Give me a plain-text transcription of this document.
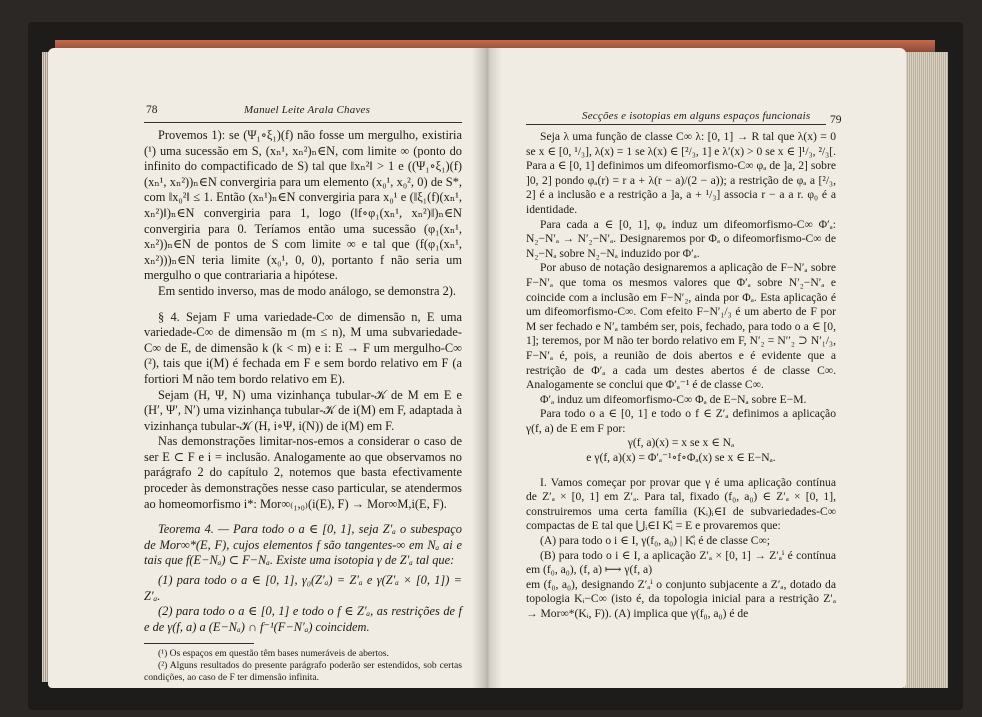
78	Manuel Leite Arala Chaves

Provemos 1): se (Ψ₁∘ξ₁)(f) não fosse um mergulho, existiria (¹) uma sucessão em S, (xₙ¹, xₙ²)ₙ∈N, com limite ∞ (ponto do infinito do compactificado de S) tal que ‖xₙ²‖ > 1 e ((Ψ₁∘ξ₁)(f)(xₙ¹, xₙ²))ₙ∈N convergiria para um elemento (x₀¹, x₀², 0) de S*, com ‖x₀²‖ ≤ 1. Então (xₙ¹)ₙ∈N convergiria para x₀¹ e (‖ξ₁(f)(xₙ¹, xₙ²)‖)ₙ∈N convergiria para 1, logo (‖f∘φ₁(xₙ¹, xₙ²)‖)ₙ∈N convergiria para 0. Teríamos então uma sucessão (φ₁(xₙ¹, xₙ²))ₙ∈N de pontos de S com limite ∞ e tal que (f(φ₁(xₙ¹, xₙ²)))ₙ∈N teria limite (x₀¹, 0, 0), portanto f não seria um mergulho o que contrariaria a hipótese.

Em sentido inverso, mas de modo análogo, se demonstra 2).

§ 4. Sejam F uma variedade-C∞ de dimensão n, E uma variedade-C∞ de dimensão m (m ≤ n), M uma subvariedade-C∞ de E, de dimensão k (k < m) e i: E → F um mergulho-C∞ (²), tais que i(M) é fechada em F e sem bordo relativo em F (a fortiori M não tem bordo relativo em E).

Sejam (H, Ψ, N) uma vizinhança tubular-𝒦 de M em E e (H′, Ψ′, N′) uma vizinhança tubular-𝒦 de i(M) em F, adaptada à vizinhança tubular-𝒦 (H, i∘Ψ, i(N)) de i(M) em F.

Nas demonstrações limitar-nos-emos a considerar o caso de ser E ⊂ F e i = inclusão. Analogamente ao que observamos no parágrafo 2 do capítulo 2, notemos que basta efectivamente proceder às demonstrações nesse caso particular, se atendermos ao homeomorfismo i*: Mor∞₍₁,₀₎(i(E), F) → Mor∞M,i(E, F).

Teorema 4. — Para todo o a ∈ [0, 1], seja Z′ₐ o subespaço de Mor∞*(E, F), cujos elementos f são tangentes-∞ em Nₐ ai e tais que f(E−Nₐ) ⊂ F−Nₐ. Existe uma isotopia γ de Z′ₐ tal que:

(1) para todo o a ∈ [0, 1], γ₀(Z′ₐ) = Z′ₐ e γ(Z′ₐ × [0, 1]) = Z′ₐ.

(2) para todo o a ∈ [0, 1] e todo o f ∈ Z′ₐ, as restrições de f e de γ(f, a) a (E−Nₐ) ∩ f⁻¹(F−N′ₐ) coincidem.

(¹) Os espaços em questão têm bases numeráveis de abertos.

(²) Alguns resultados do presente parágrafo poderão ser estendidos, sob certas condições, ao caso de F ter dimensão infinita.

Secções e isotopias em alguns espaços funcionais 79

Seja λ uma função de classe C∞ λ: [0, 1] → R tal que λ(x) = 0 se x ∈ [0, ¹/₃], λ(x) = 1 se λ(x) ∈ [²/₃, 1] e λ′(x) > 0 se x ∈ ]¹/₃, ²/₃[. Para a ∈ [0, 1] definimos um difeomorfismo-C∞ φₐ de ]a, 2] sobre ]0, 2] pondo φₐ(r) = r a + λ(r − a)/(2 − a)); a restrição de φₐ a [²/₃, 2] é a inclusão e a restrição a ]a, a + ¹/₃] associa r − a a r. φ₀ é a identidade.

Para cada a ∈ [0, 1], φₐ induz um difeomorfismo-C∞ Φ′ₐ: N₂−N′ₐ → N′₂−N′ₐ. Designaremos por Φₐ o difeomorfismo-C∞ de N₂−Nₐ sobre N₂−Nₐ induzido por Φ′ₐ.

Por abuso de notação designaremos a aplicação de F−N′ₐ sobre F−N′ₐ que toma os mesmos valores que Φ′ₐ sobre N′₂−N′ₐ e coincide com a inclusão em F−N′₂, ainda por Φₐ. Esta aplicação é um difeomorfismo-C∞. Com efeito F−N′₁/₃ é um aberto de F por M ser fechado e N′ₐ também ser, pois, fechado, para todo o a ∈ [0, 1]; teremos, por M não ter bordo relativo em F, N′₂ = N′′₂ ⊃ N′₁/₃, F−N′ₐ é, pois, a reunião de dois abertos e é evidente que a restrição de Φ′ₐ a cada um destes abertos é de classe C∞. Analogamente se conclui que Φ′ₐ⁻¹ é de classe C∞.

Φ′ₐ induz um difeomorfismo-C∞ Φₐ de E−Nₐ sobre E−M.

Para todo o a ∈ [0, 1] e todo o f ∈ Z′ₐ definimos a aplicação γ(f, a) de E em F por:

γ(f, a)(x) = x se x ∈ Nₐ

e γ(f, a)(x) = Φ′ₐ⁻¹∘f∘Φₐ(x) se x ∈ E−Nₐ.

I. Vamos começar por provar que γ é uma aplicação contínua de Z′ₐ × [0, 1] em Z′ₐ. Para tal, fixado (f₀, a₀) ∈ Z′ₐ × [0, 1], construiremos uma certa família (Kᵢ)ᵢ∈I de subvariedades-C∞ compactas de E tal que ⋃ᵢ∈I K̊ᵢ = E e provaremos que:

(A) para todo o i ∈ I, γ(f₀, a₀) | K̊ᵢ é de classe C∞;

(B) para todo o i ∈ I, a aplicação Z′ₐ × [0, 1] → Z′ₐⁱ é contínua em (f₀, a₀), (f, a) ⟼ γ(f, a)

em (f₀, a₀), designando Z′ₐⁱ o conjunto subjacente a Z′ₐ, dotado da topologia Kᵢ−C∞ (isto é, da topologia inicial para a restrição Z′ₐ → Mor∞*(Kᵢ, F)). (A) implica que γ(f₀, a₀) é de
